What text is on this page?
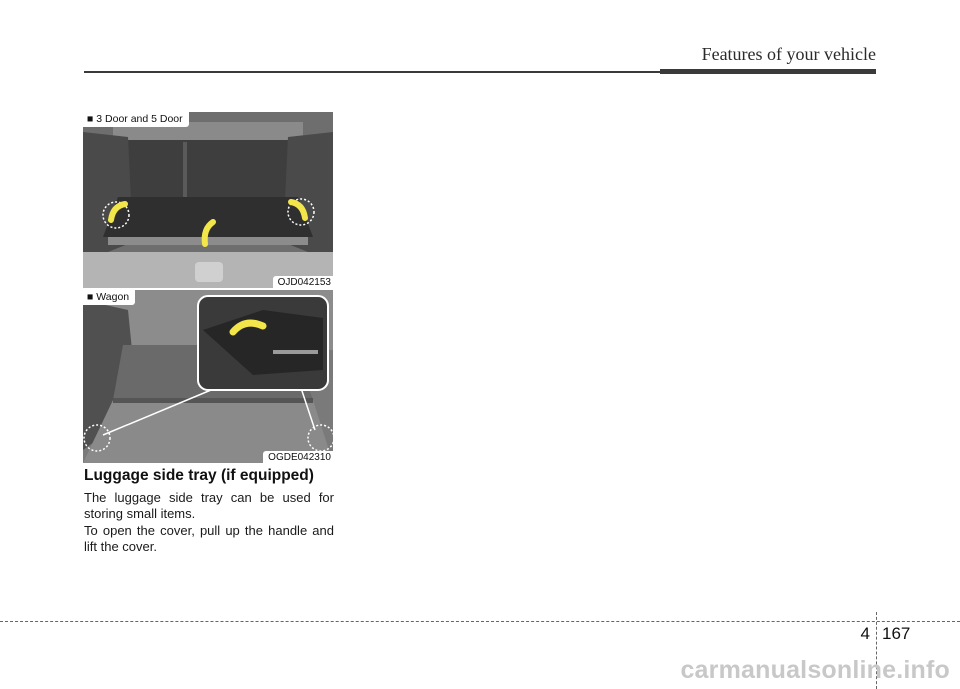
Features of your vehicle
■ 3 Door and 5 Door
OJD042153
■ Wagon
OGDE042310
Luggage side tray (if equipped)

The luggage side tray can be used for storing small items.

To open the cover, pull up the handle and lift the cover.

4 167
carmanualsonline.info
